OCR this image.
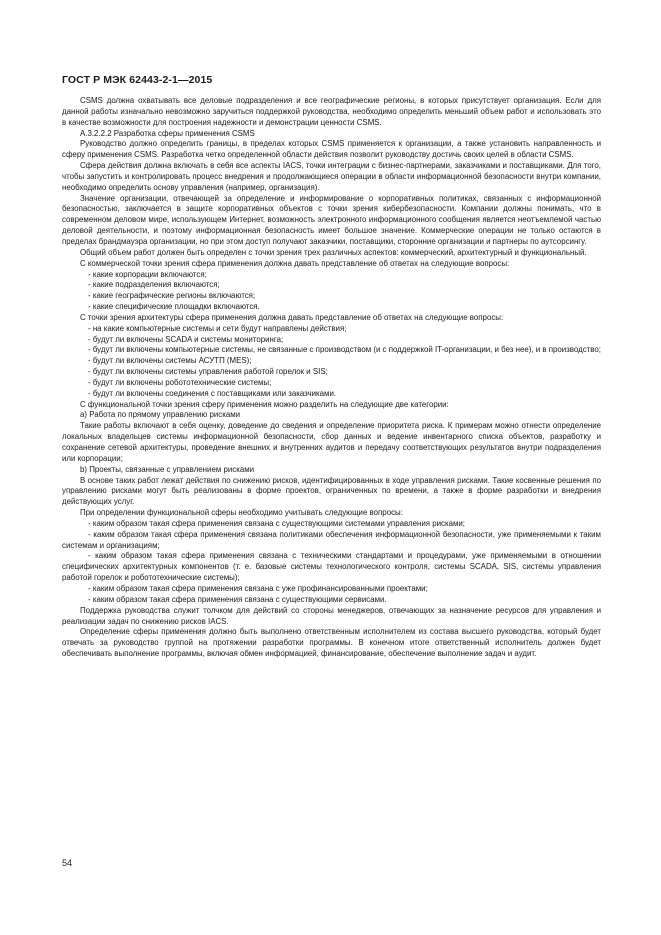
ГОСТ Р МЭК 62443-2-1—2015

CSMS должна охватывать все деловые подразделения и все географические регионы, в которых присутствует организация. Если для данной работы изначально невозможно заручиться поддержкой руководства, необходимо определить меньший объем работ и использовать это в качестве возможности для построения надежности и демонстрации ценности CSMS.

А.3.2.2.2 Разработка сферы применения CSMS

Руководство должно определить границы, в пределах которых CSMS применяется к организации, а также установить направленность и сферу применения CSMS. Разработка четко определенной области действия позволит руководству достичь своих целей в области CSMS.

Сфера действия должна включать в себя все аспекты IACS, точки интеграции с бизнес-партнерами, заказчиками и поставщиками. Для того, чтобы запустить и контролировать процесс внедрения и продолжающиеся операции в области информационной безопасности внутри компании, необходимо определить основу управления (например, организация).

Значение организации, отвечающей за определение и информирование о корпоративных политиках, связанных с информационной безопасностью, заключается в защите корпоративных объектов с точки зрения кибербезопасности. Компании должны понимать, что в современном деловом мире, использующем Интернет, возможность электронного информационного сообщения является неотъемлемой частью деловой деятельности, и поэтому информационная безопасность имеет большое значение. Коммерческие операции не только остаются в пределах брандмауэра организации, но при этом доступ получают заказчики, поставщики, сторонние организации и партнеры по аутсорсингу.

Общий объем работ должен быть определен с точки зрения трех различных аспектов: коммерческий, архитектурный и функциональный.

С коммерческой точки зрения сфера применения должна давать представление об ответах на следующие вопросы:

- какие корпорации включаются;

- какие подразделения включаются;

- какие географические регионы включаются;

- какие специфические площадки включаются.

С точки зрения архитектуры сфера применения должна давать представление об ответах на следующие вопросы:

- на какие компьютерные системы и сети будут направлены действия;

- будут ли включены SCADA и системы мониторинга;

- будут ли включены компьютерные системы, не связанные с производством (и с поддержкой IT-организации, и без нее), и в производство;

- будут ли включены системы АСУТП (MES);

- будут ли включены системы управления работой горелок и SIS;

- будут ли включены робототехнические системы;

- будут ли включены соединения с поставщиками или заказчиками.

С функциональной точки зрения сферу применения можно разделить на следующие две категории:

а) Работа по прямому управлению рисками

Такие работы включают в себя оценку, доведение до сведения и определение приоритета риска. К примерам можно отнести определение локальных владельцев системы информационной безопасности, сбор данных и ведение инвентарного списка объектов, разработку и сохранение сетевой архитектуры, проведение внешних и внутренних аудитов и передачу соответствующих результатов внутри подразделения или корпорации;

b) Проекты, связанные с управлением рисками

В основе таких работ лежат действия по снижению рисков, идентифицированных в ходе управления рисками. Такие косвенные решения по управлению рисками могут быть реализованы в форме проектов, ограниченных по времени, а также в форме разработки и внедрения действующих услуг.

При определении функциональной сферы необходимо учитывать следующие вопросы:

- каким образом такая сфера применения связана с существующими системами управления рисками;

- каким образом такая сфера применения связана политиками обеспечения информационной безопасности, уже применяемыми к таким системам и организациям;

- каким образом такая сфера применения связана с техническими стандартами и процедурами, уже применяемыми в отношении специфических архитектурных компонентов (т. е. базовые системы технологического контроля, системы SCADA, SIS, системы управления работой горелок и робототехнические системы);

- каким образом такая сфера применения связана с уже профинансированными проектами;

- каким образом такая сфера применения связана с существующими сервисами.

Поддержка руководства служит толчком для действий со стороны менеджеров, отвечающих за назначение ресурсов для управления и реализации задач по снижению рисков IACS.

Определение сферы применения должно быть выполнено ответственным исполнителем из состава высшего руководства, который будет отвечать за руководство группой на протяжении разработки программы. В конечном итоге ответственный исполнитель должен будет обеспечивать выполнение программы, включая обмен информацией, финансирование, обеспечение выполнение задач и аудит.

54
